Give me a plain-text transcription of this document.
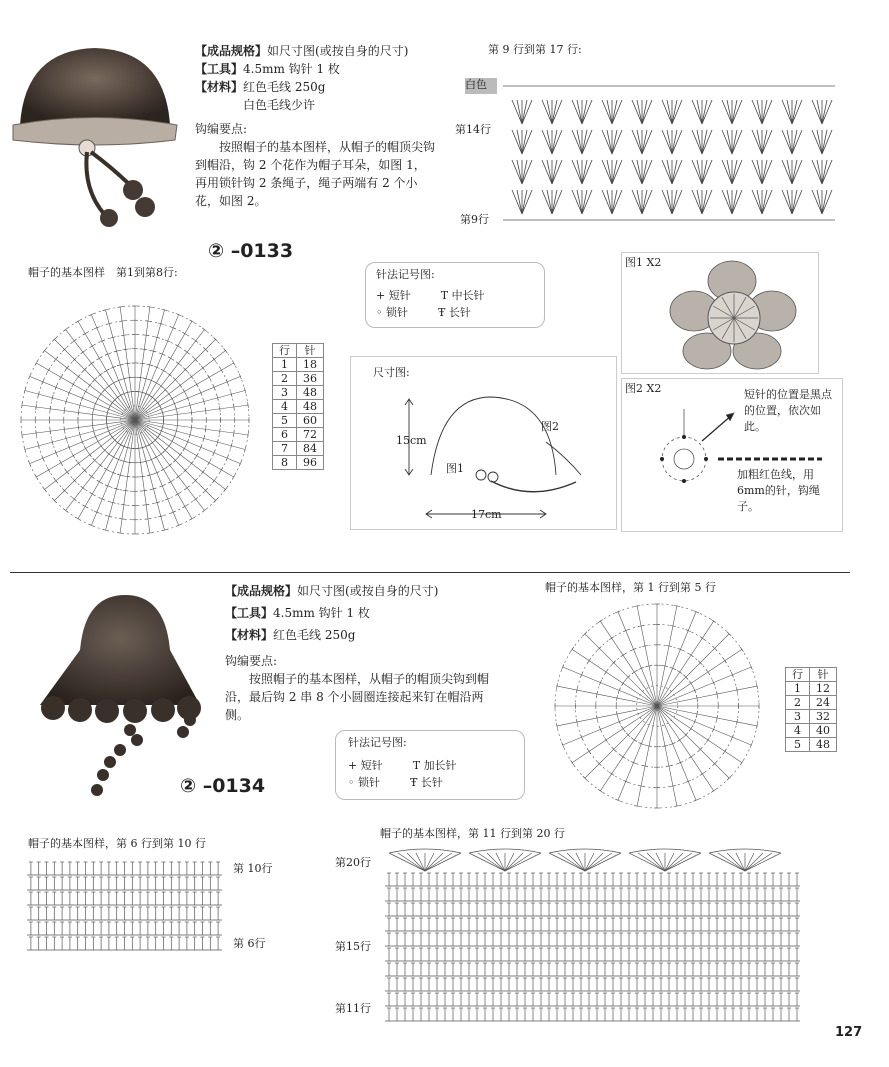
【成品规格】如尺寸图(或按自身的尺寸)
【工具】4.5mm 钩针 1 枚
【材料】红色毛线 250g
白色毛线少许
钩编要点:
按照帽子的基本图样，从帽子的帽顶尖钩到帽沿，钩 2 个花作为帽子耳朵，如图 1，再用锁针钩 2 条绳子，绳子两端有 2 个小花，如图 2。
② –0133
第 9 行到第 17 行:
白色
第14行
第9行
帽子的基本图样　第1到第8行:
行	针
1	18
2	36
3	48
4	48
5	60
6	72
7	84
8	96
针法记号图:
+ 短针	T 中长针
◦ 锁针	Ŧ 长针
尺寸图:
15cm
17cm
图1
图2
图1 X2
图2 X2	短针的位置是黑点的位置，依次如此。
加粗红色线，用6mm的针，钩绳子。
【成品规格】如尺寸图(或按自身的尺寸)
【工具】4.5mm 钩针 1 枚
【材料】红色毛线 250g
钩编要点:
按照帽子的基本图样，从帽子的帽顶尖钩到帽沿，最后钩 2 串 8 个小圆圈连接起来钉在帽沿两侧。
② –0134
帽子的基本图样，第 1 行到第 5 行
行	针
1	12
2	24
3	32
4	40
5	48
针法记号图:
+ 短针	T 加长针
◦ 锁针	Ŧ 长针
帽子的基本图样，第 6 行到第 10 行
第 10行
第 6行
帽子的基本图样，第 11 行到第 20 行
第20行
第15行
第11行
127
